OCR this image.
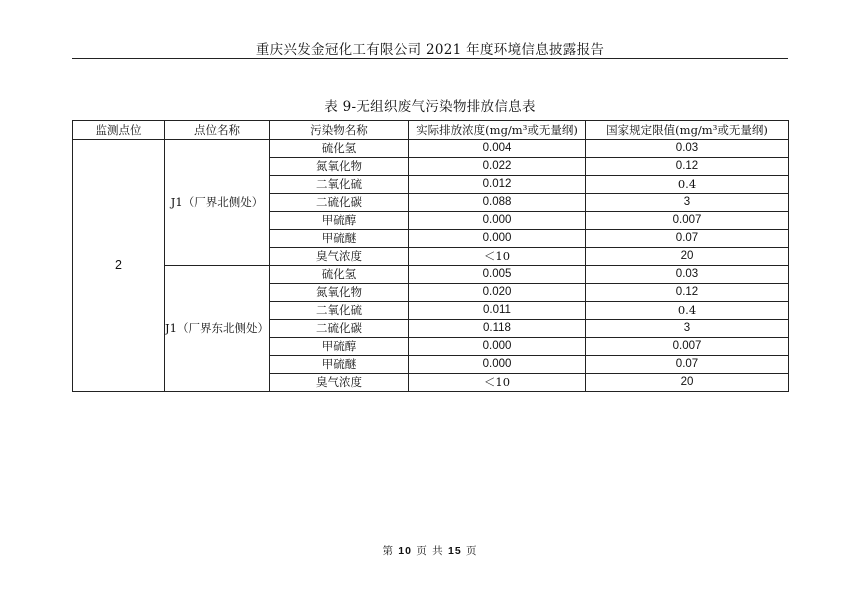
重庆兴发金冠化工有限公司 2021 年度环境信息披露报告
表 9-无组织废气污染物排放信息表
监测点位	点位名称	污染物名称	实际排放浓度(mg/m³或无量纲)	国家规定限值(mg/m³或无量纲)
2	J1（厂界北侧处）	硫化氢	0.004	0.03
		氮氧化物	0.022	0.12
		二氧化硫	0.012	0.4
		二硫化碳	0.088	3
		甲硫醇	0.000	0.007
		甲硫醚	0.000	0.07
		臭气浓度	＜10	20
	J1（厂界东北侧处）	硫化氢	0.005	0.03
		氮氧化物	0.020	0.12
		二氧化硫	0.011	0.4
		二硫化碳	0.118	3
		甲硫醇	0.000	0.007
		甲硫醚	0.000	0.07
		臭气浓度	＜10	20
第 10 页 共 15 页
